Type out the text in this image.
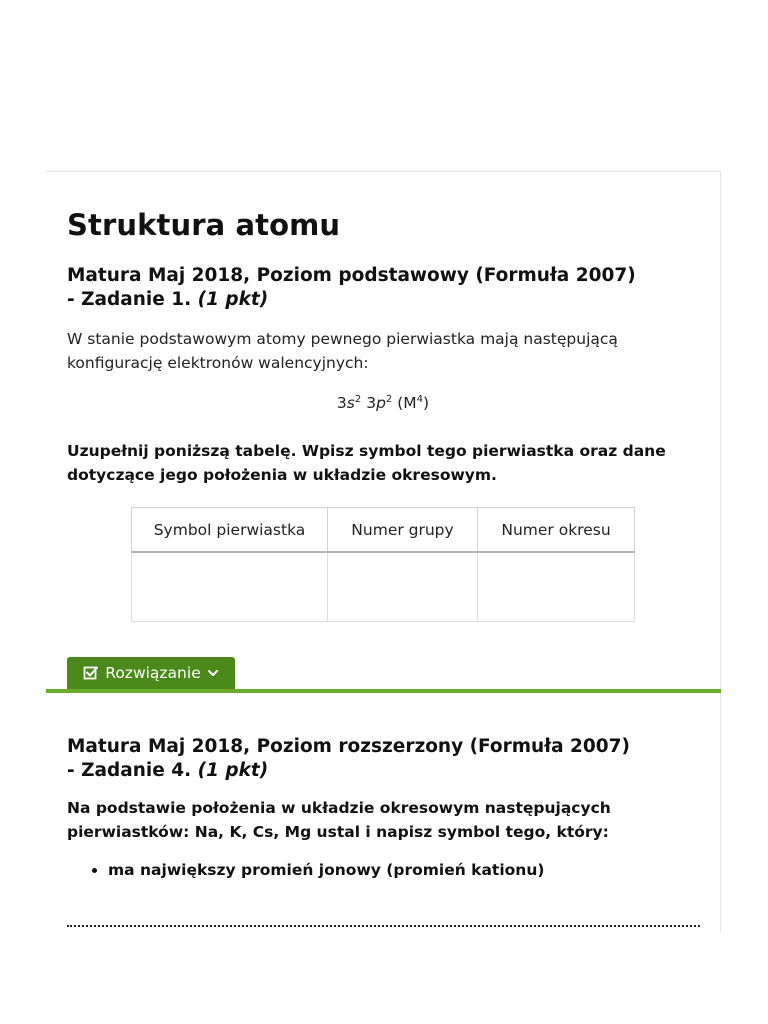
Struktura atomu
Matura Maj 2018, Poziom podstawowy (Formuła 2007)
- Zadanie 1. (1 pkt)

W stanie podstawowym atomy pewnego pierwiastka mają następującą konfigurację elektronów walencyjnych:

$3s^2$ $3p^2$ $(M^4)$

Uzupełnij poniższą tabelę. Wpisz symbol tego pierwiastka oraz dane dotyczące jego położenia w układzie okresowym.

Symbol pierwiastka	Numer grupy	Numer okresu

Rozwiązanie
Matura Maj 2018, Poziom rozszerzony (Formuła 2007)
- Zadanie 4. (1 pkt)

Na podstawie położenia w układzie okresowym następujących pierwiastków: Na, K, Cs, Mg ustal i napisz symbol tego, który:

• ma największy promień jonowy (promień kationu)
